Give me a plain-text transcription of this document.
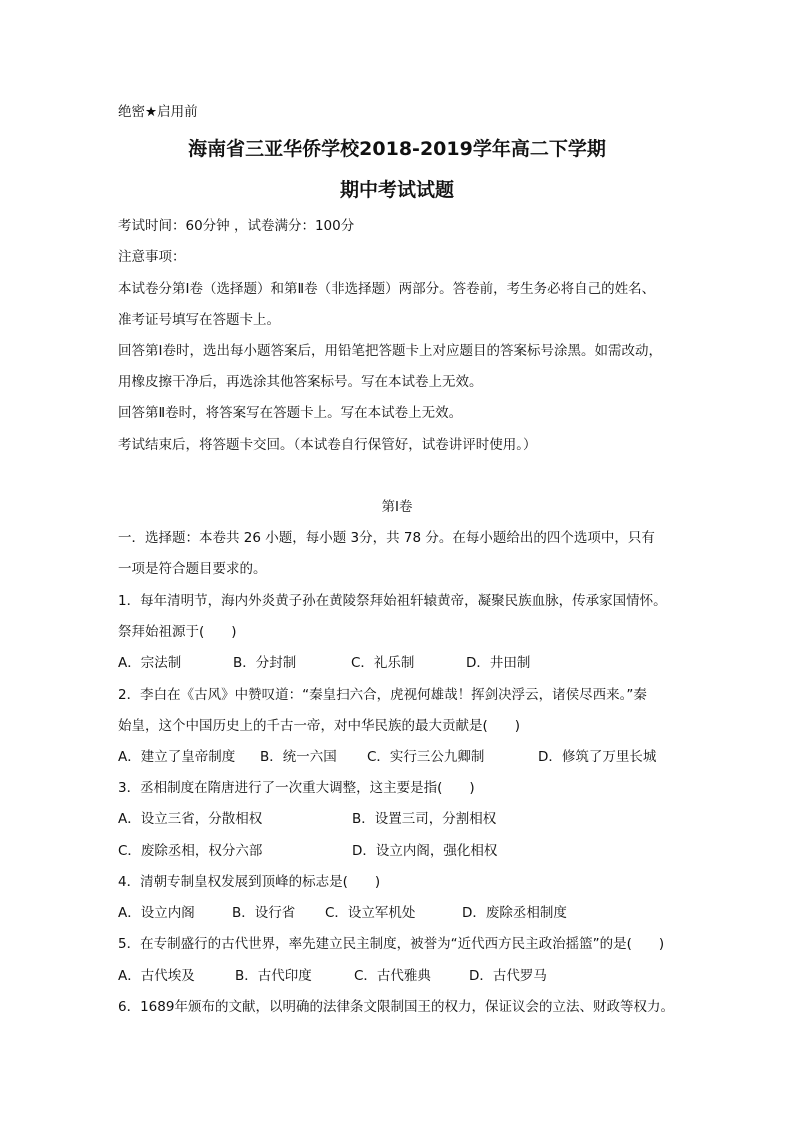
绝密★启用前
海南省三亚华侨学校2018-2019学年高二下学期
期中考试试题
考试时间：60分钟 ，试卷满分：100分
注意事项：
本试卷分第Ⅰ卷（选择题）和第Ⅱ卷（非选择题）两部分。答卷前，考生务必将自己的姓名、
准考证号填写在答题卡上。
回答第Ⅰ卷时，选出每小题答案后，用铅笔把答题卡上对应题目的答案标号涂黑。如需改动，
用橡皮擦干净后，再选涂其他答案标号。写在本试卷上无效。
回答第Ⅱ卷时，将答案写在答题卡上。写在本试卷上无效。
考试结束后，将答题卡交回。（本试卷自行保管好，试卷讲评时使用。）
第Ⅰ卷
一．选择题：本卷共 26 小题，每小题 3分，共 78 分。在每小题给出的四个选项中，只有
一项是符合题目要求的。
1．每年清明节，海内外炎黄子孙在黄陵祭拜始祖轩辕黄帝，凝聚民族血脉，传承家国情怀。
祭拜始祖源于(　　)
A．宗法制	B．分封制	C．礼乐制	D．井田制
2．李白在《古风》中赞叹道：“秦皇扫六合，虎视何雄哉！挥剑决浮云，诸侯尽西来。”秦
始皇，这个中国历史上的千古一帝，对中华民族的最大贡献是(　　)
A．建立了皇帝制度 B．统一六国 C．实行三公九卿制	D．修筑了万里长城
3．丞相制度在隋唐进行了一次重大调整，这主要是指(　　)
A．设立三省，分散相权	B．设置三司，分割相权
C．废除丞相，权分六部	D．设立内阁，强化相权
4．清朝专制皇权发展到顶峰的标志是(　　)
A．设立内阁	B．设行省 C．设立军机处	D．废除丞相制度
5．在专制盛行的古代世界，率先建立民主制度，被誉为“近代西方民主政治摇篮”的是(　　)
A．古代埃及	B．古代印度	C．古代雅典	D．古代罗马
6．1689年颁布的文献，以明确的法律条文限制国王的权力，保证议会的立法、财政等权力。
